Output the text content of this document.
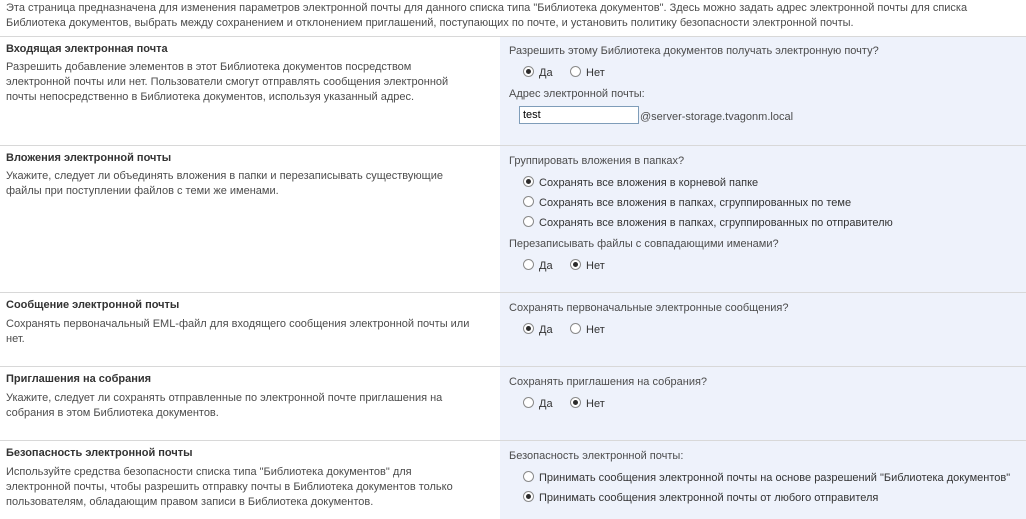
Эта страница предназначена для изменения параметров электронной почты для данного списка типа "Библиотека документов". Здесь можно задать адрес электронной почты для списка Библиотека документов, выбрать между сохранением и отклонением приглашений, поступающих по почте, и установить политику безопасности электронной почты.
Входящая электронная почта
Разрешить добавление элементов в этот Библиотека документов посредством электронной почты или нет. Пользователи смогут отправлять сообщения электронной почты непосредственно в Библиотека документов, используя указанный адрес.
Разрешить этому Библиотека документов получать электронную почту?
Да	Нет
Адрес электронной почты:
test
@server-storage.tvagonm.local
Вложения электронной почты
Укажите, следует ли объединять вложения в папки и перезаписывать существующие файлы при поступлении файлов с теми же именами.
Группировать вложения в папках?
Сохранять все вложения в корневой папке
Сохранять все вложения в папках, сгруппированных по теме
Сохранять все вложения в папках, сгруппированных по отправителю
Перезаписывать файлы с совпадающими именами?
Да	Нет
Сообщение электронной почты
Сохранять первоначальный EML-файл для входящего сообщения электронной почты или нет.
Сохранять первоначальные электронные сообщения?
Да	Нет
Приглашения на собрания
Укажите, следует ли сохранять отправленные по электронной почте приглашения на собрания в этом Библиотека документов.
Сохранять приглашения на собрания?
Да	Нет
Безопасность электронной почты
Используйте средства безопасности списка типа "Библиотека документов" для электронной почты, чтобы разрешить отправку почты в Библиотека документов только пользователям, обладающим правом записи в Библиотека документов.
Безопасность электронной почты:
Принимать сообщения электронной почты на основе разрешений "Библиотека документов"
Принимать сообщения электронной почты от любого отправителя
